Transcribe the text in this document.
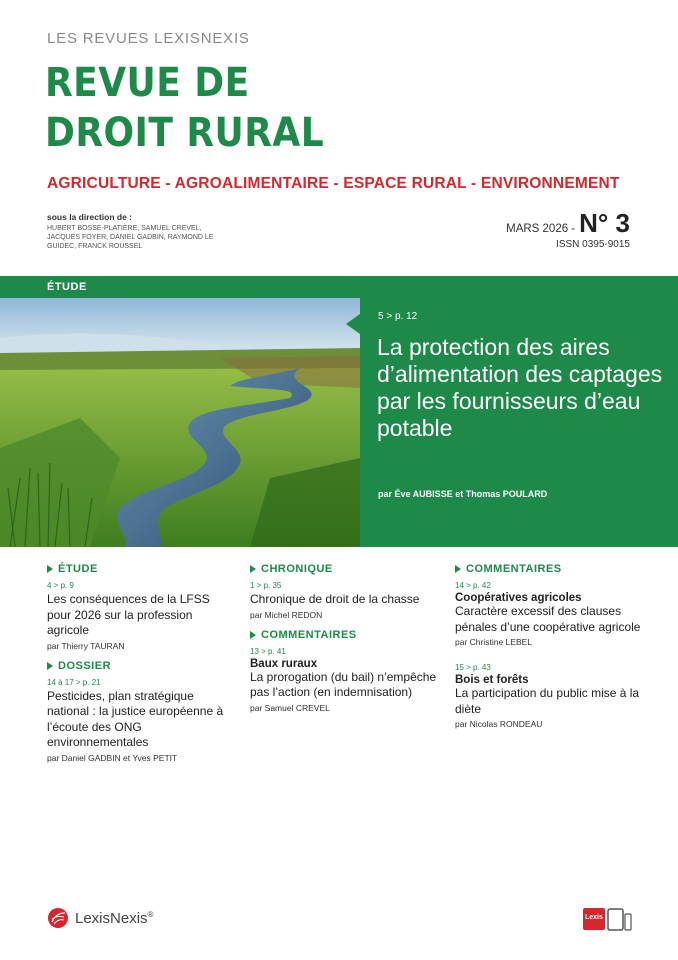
LES REVUES LEXISNEXIS
REVUE DE
DROIT RURAL
AGRICULTURE - AGROALIMENTAIRE - ESPACE RURAL - ENVIRONNEMENT
sous la direction de :
HUBERT BOSSE-PLATIÈRE, SAMUEL CREVEL, JACQUES FOYER, DANIEL GADBIN, RAYMOND LE GUIDEC, FRANCK ROUSSEL
MARS 2026 - N° 3
ISSN 0395-9015
ÉTUDE
5 > p. 12
La protection des aires d’alimentation des captages par les fournisseurs d’eau potable
par Éve AUBISSE et Thomas POULARD
ÉTUDE
4 > p. 9
Les conséquences de la LFSS pour 2026 sur la profession agricole
par Thierry TAURAN
DOSSIER
14 à 17 > p. 21
Pesticides, plan stratégique national : la justice européenne à l’écoute des ONG environnementales
par Daniel GADBIN et Yves PETIT
CHRONIQUE
1 > p. 35
Chronique de droit de la chasse
par Michel REDON
COMMENTAIRES
13 > p. 41
Baux ruraux
La prorogation (du bail) n’empêche pas l’action (en indemnisation)
par Samuel CREVEL
COMMENTAIRES
14 > p. 42
Coopératives agricoles
Caractère excessif des clauses pénales d’une coopérative agricole
par Christine LEBEL
15 > p. 43
Bois et forêts
La participation du public mise à la diète
par Nicolas RONDEAU
LexisNexis®	Lexis
